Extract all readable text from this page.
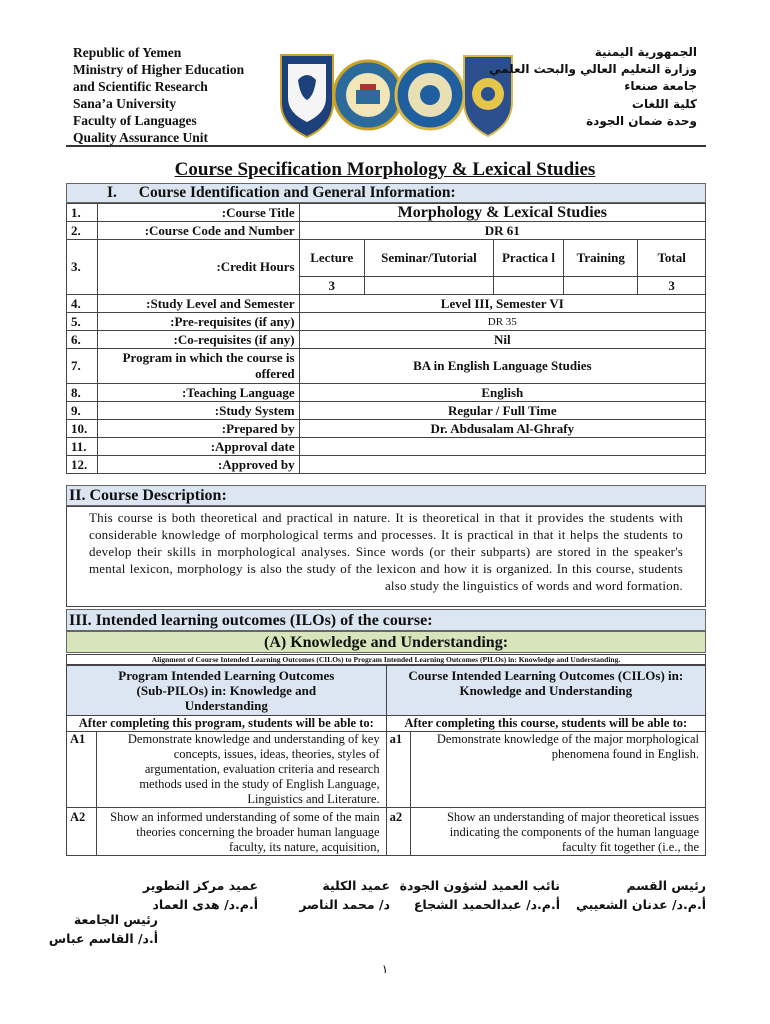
Republic of Yemen
Ministry of Higher Education
and Scientific Research
Sana’a University
Faculty of Languages
Quality Assurance Unit
الجمهورية اليمنية
وزارة التعليم العالي والبحث العلمي
جامعة صنعاء
كلية اللغات
وحدة ضمان الجودة
Course Specification Morphology & Lexical Studies
I. Course Identification and General Information:
1.	:Course Title	Morphology & Lexical Studies				
2.	:Course Code and Number	DR 61				
3.	:Credit Hours	Lecture	Seminar/Tutorial	Practica l	Training	Total
		3				3
4.	:Study Level and Semester	Level III, Semester VI				
5.	:Pre-requisites (if any)	DR 35				
6.	:Co-requisites (if any)	Nil				
7.	Program in which the course is offered	BA in English Language Studies				
8.	:Teaching Language	English				
9.	:Study System	Regular / Full Time				
10.	:Prepared by	Dr. Abdusalam Al-Ghrafy				
11.	:Approval date					
12.	:Approved by					
II. Course Description:
This course is both theoretical and practical in nature. It is theoretical in that it provides the students with considerable knowledge of morphological terms and processes. It is practical in that it helps the students to develop their skills in morphological analyses. Since words (or their subparts) are stored in the speaker's mental lexicon, morphology is also the study of the lexicon and how it is organized. In this course, students also study the linguistics of words and word formation.
III. Intended learning outcomes (ILOs) of the course:
(A) Knowledge and Understanding:
Alignment of Course Intended Learning Outcomes (CILOs) to Program Intended Learning Outcomes (PILOs) in: Knowledge and Understanding.
Program Intended Learning Outcomes (Sub-PILOs) in: Knowledge and Understanding		Course Intended Learning Outcomes (CILOs) in: Knowledge and Understanding	
After completing this program, students will be able to:		After completing this course, students will be able to:	
A1	Demonstrate knowledge and understanding of key concepts, issues, ideas, theories, styles of argumentation, evaluation criteria and research methods used in the study of English Language, Linguistics and Literature.	a1	Demonstrate knowledge of the major morphological phenomena found in English.
A2	Show an informed understanding of some of the main theories concerning the broader human language faculty, its nature, acquisition,	a2	Show an understanding of major theoretical issues indicating the components of the human language faculty fit together (i.e., the
رئيس القسم
أ.م.د/ عدنان الشعيبي
نائب العميد لشؤون الجودة
أ.م.د/ عبدالحميد الشجاع
عميد الكلية
د/ محمد الناصر
عميد مركز التطوير
أ.م.د/ هدى العماد
رئيس الجامعة
أ.د/ القاسم عباس
١
